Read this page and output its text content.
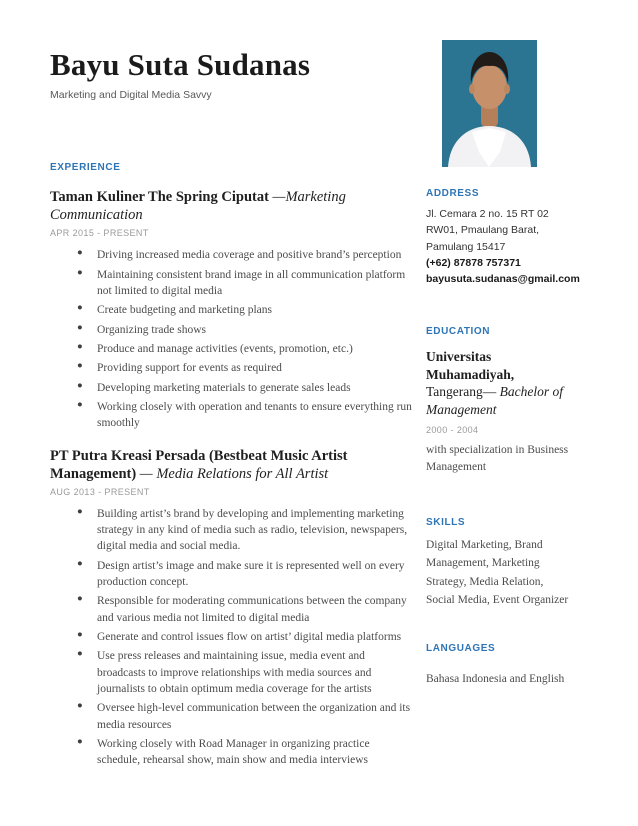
Bayu Suta Sudanas
Marketing and Digital Media Savvy
EXPERIENCE
Taman Kuliner The Spring Ciputat —Marketing Communication
APR 2015 - PRESENT
● Driving increased media coverage and positive brand’s perception
● Maintaining consistent brand image in all communication platform not limited to digital media
● Create budgeting and marketing plans
● Organizing trade shows
● Produce and manage activities (events, promotion, etc.)
● Providing support for events as required
● Developing marketing materials to generate sales leads
● Working closely with operation and tenants to ensure everything run smoothly
PT Putra Kreasi Persada (Bestbeat Music Artist Management) — Media Relations for All Artist
AUG 2013 - PRESENT
● Building artist’s brand by developing and implementing marketing strategy in any kind of media such as radio, television, newspapers, digital media and social media.
● Design artist’s image and make sure it is represented well on every production concept.
● Responsible for moderating communications between the company and various media not limited to digital media
● Generate and control issues flow on artist’ digital media platforms
● Use press releases and maintaining issue, media event and broadcasts to improve relationships with media sources and journalists to obtain optimum media coverage for the artists
● Oversee high-level communication between the organization and its media resources
● Working closely with Road Manager in organizing practice schedule, rehearsal show, main show and media interviews
ADDRESS
Jl. Cemara 2 no. 15 RT 02 RW01, Pmaulang Barat, Pamulang 15417
(+62) 87878 757371
bayusuta.sudanas@gmail.com
EDUCATION
Universitas Muhamadiyah, Tangerang— Bachelor of Management
2000 - 2004
with specialization in Business Management
SKILLS
Digital Marketing, Brand Management, Marketing Strategy, Media Relation, Social Media, Event Organizer
LANGUAGES
Bahasa Indonesia and English
